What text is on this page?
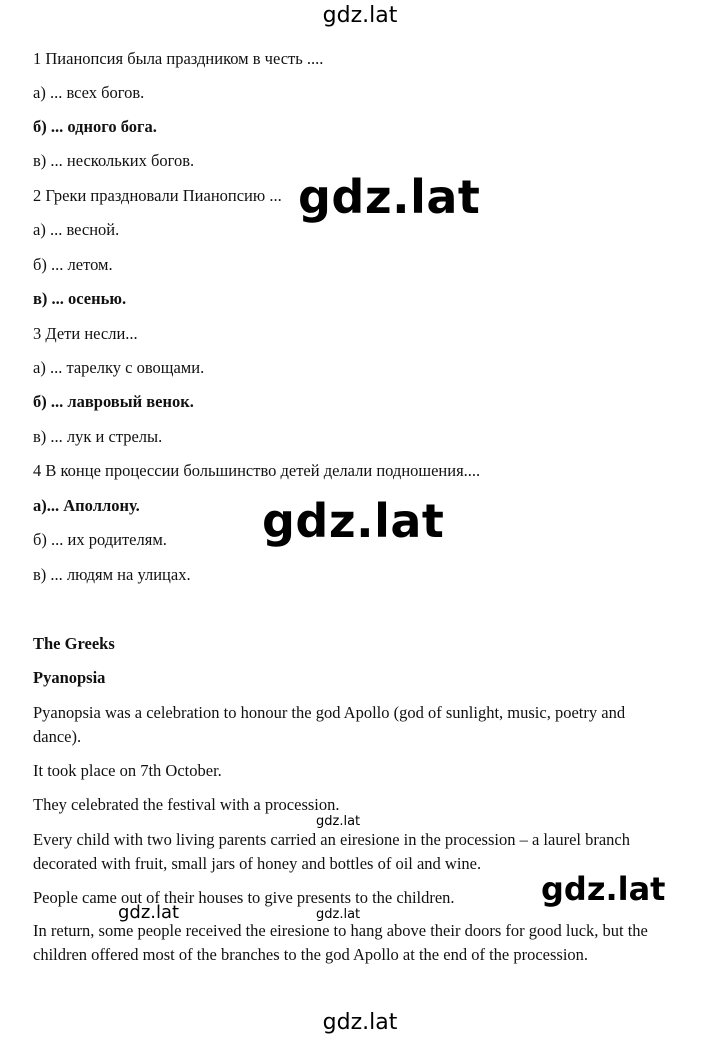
gdz.lat
1 Пианопсия была праздником в честь ....
а) ... всех богов.
б) ... одного бога.
в) ... нескольких богов.
2 Греки праздновали Пианопсию ...
а) ... весной.
б) ... летом.
в) ... осенью.
3 Дети несли...
а) ... тарелку с овощами.
б) ... лавровый венок.
в) ... лук и стрелы.
4 В конце процессии большинство детей делали подношения....
а)... Аполлону.
б) ... их родителям.
в) ... людям на улицах.
The Greeks
Pyanopsia
Pyanopsia was a celebration to honour the god Apollo (god of sunlight, music, poetry and dance).
It took place on 7th October.
They celebrated the festival with a procession.
Every child with two living parents carried an eiresione in the procession – a laurel branch decorated with fruit, small jars of honey and bottles of oil and wine.
People came out of their houses to give presents to the children.
In return, some people received the eiresione to hang above their doors for good luck, but the children offered most of the branches to the god Apollo at the end of the procession.
gdz.lat
gdz.lat
gdz.lat
gdz.lat
gdz.lat	gdz.lat
gdz.lat
